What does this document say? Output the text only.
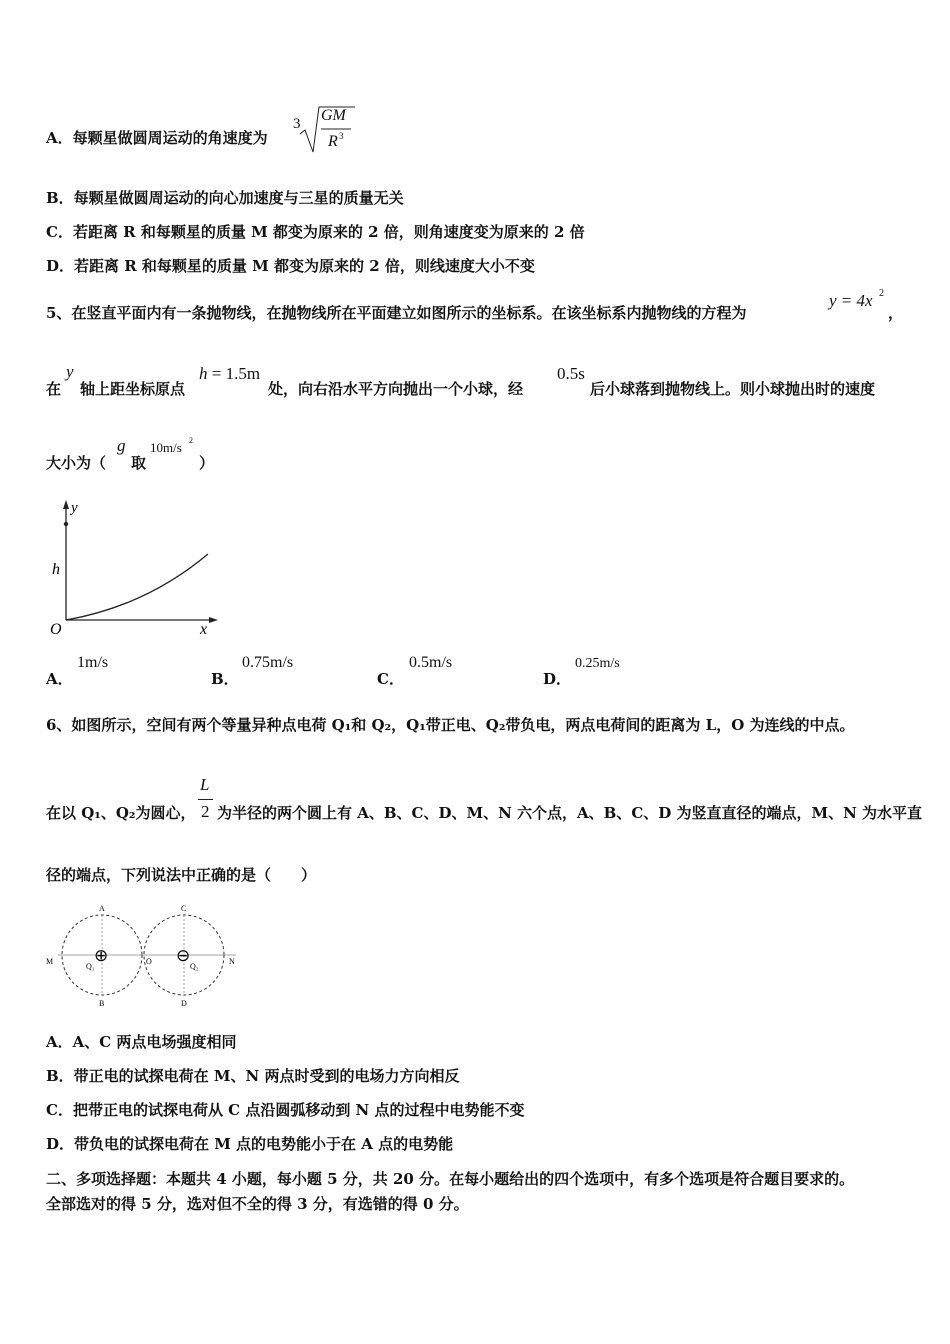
A．每颗星做圆周运动的角速度为
3 GM
R 3
B．每颗星做圆周运动的向心加速度与三星的质量无关
C．若距离 R 和每颗星的质量 M 都变为原来的 2 倍，则角速度变为原来的 2 倍
D．若距离 R 和每颗星的质量 M 都变为原来的 2 倍，则线速度大小不变
5、在竖直平面内有一条抛物线，在抛物线所在平面建立如图所示的坐标系。在该坐标系内抛物线的方程为
y = 4x 2
，
在
y
轴上距坐标原点
h = 1.5m
处，向右沿水平方向抛出一个小球，经
0.5s
后小球落到抛物线上。则小球抛出时的速度
大小为（
g
取
10m/s 2
）
y
h
O	x
A．
1m/s
B．
0.75m/s
C．
0.5m/s
D．
0.25m/s
6、如图所示，空间有两个等量异种点电荷 Q₁和 Q₂，Q₁带正电、Q₂带负电，两点电荷间的距离为 L，O 为连线的中点。
在以 Q₁、Q₂为圆心，
L
2 为半径的两个圆上有 A、B、C、D、M、N 六个点，A、B、C、D 为竖直直径的端点，M、N 为水平直
径的端点，下列说法中正确的是（　　）
A
B
C
D
M	N
O
Q₁	Q₂
⊕	⊖
A．A、C 两点电场强度相同
B．带正电的试探电荷在 M、N 两点时受到的电场力方向相反
C．把带正电的试探电荷从 C 点沿圆弧移动到 N 点的过程中电势能不变
D．带负电的试探电荷在 M 点的电势能小于在 A 点的电势能
二、多项选择题：本题共 4 小题，每小题 5 分，共 20 分。在每小题给出的四个选项中，有多个选项是符合题目要求的。
全部选对的得 5 分，选对但不全的得 3 分，有选错的得 0 分。
